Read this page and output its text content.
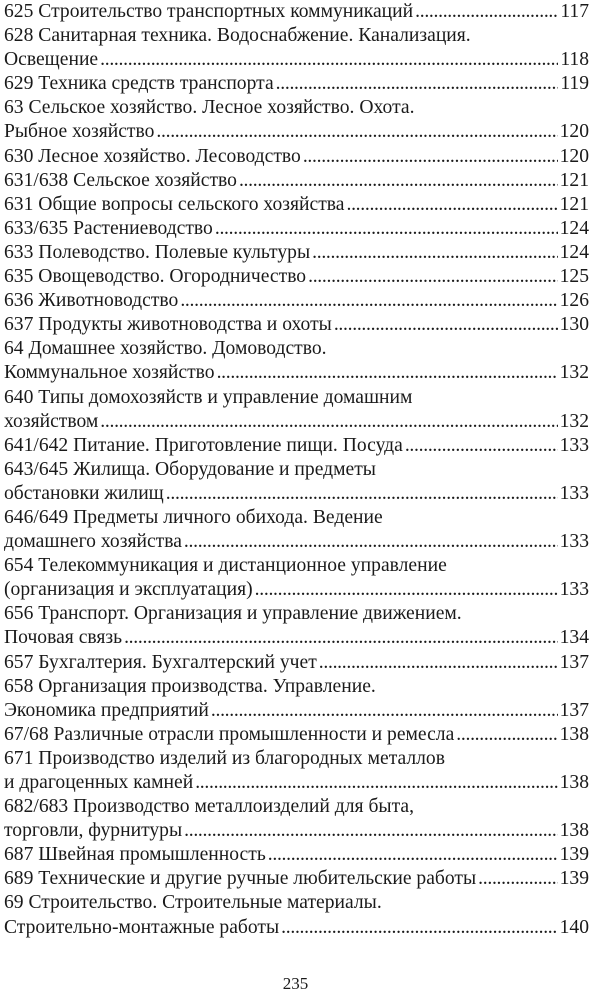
625 Строительство транспортных коммуникаций . . .	117
628 Санитарная техника. Водоснабжение. Канализация.
Освещение . . .	118
629 Техника средств транспорта . . .	119
63 Сельское хозяйство. Лесное хозяйство. Охота.
Рыбное хозяйство . . .	120
630 Лесное хозяйство. Лесоводство . . .	120
631/638 Сельское хозяйство . . .	121
631 Общие вопросы сельского хозяйства . . .	121
633/635 Растениеводство . . .	124
633 Полеводство. Полевые культуры . . .	124
635 Овощеводство. Огородничество . . .	125
636 Животноводство . . .	126
637 Продукты животноводства и охоты . . .	130
64 Домашнее хозяйство. Домоводство.
Коммунальное хозяйство . . .	132
640 Типы домохозяйств и управление домашним
хозяйством . . .	132
641/642 Питание. Приготовление пищи. Посуда . . .	133
643/645 Жилища. Оборудование и предметы
обстановки жилищ . . .	133
646/649 Предметы личного обихода. Ведение
домашнего хозяйства . . .	133
654 Телекоммуникация и дистанционное управление
(организация и эксплуатация) . . .	133
656 Транспорт. Организация и управление движением.
Почовая связь . . .	134
657 Бухгалтерия. Бухгалтерский учет . . .	137
658 Организация производства. Управление.
Экономика предприятий . . .	137
67/68 Различные отрасли промышленности и ремесла . . .	138
671 Производство изделий из благородных металлов
и драгоценных камней . . .	138
682/683 Производство металлоизделий для быта,
торговли, фурнитуры . . .	138
687 Швейная промышленность . . .	139
689 Технические и другие ручные любительские работы . . .	139
69 Строительство. Строительные материалы.
Строительно-монтажные работы . . .	140
235
